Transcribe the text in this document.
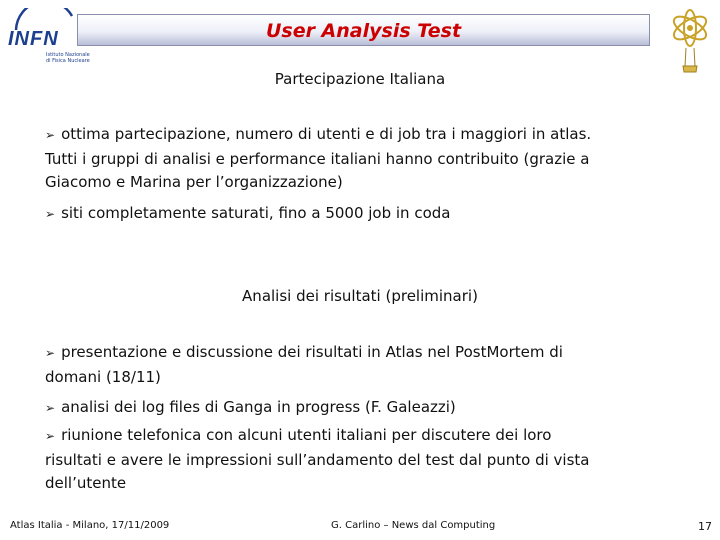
INFN
Istituto Nazionale
di Fisica Nucleare
User Analysis Test
Partecipazione Italiana
➢ ottima partecipazione, numero di utenti e di job tra i maggiori in atlas.
Tutti i gruppi di analisi e performance italiani hanno contribuito (grazie a
Giacomo e Marina per l’organizzazione)
➢ siti completamente saturati, fino a 5000 job in coda
Analisi dei risultati (preliminari)
➢ presentazione e discussione dei risultati in Atlas nel PostMortem di
domani (18/11)
➢ analisi dei log files di Ganga in progress (F. Galeazzi)
➢ riunione telefonica con alcuni utenti italiani per discutere dei loro
risultati e avere le impressioni sull’andamento del test dal punto di vista
dell’utente
Atlas Italia - Milano, 17/11/2009	G. Carlino – News dal Computing	17
